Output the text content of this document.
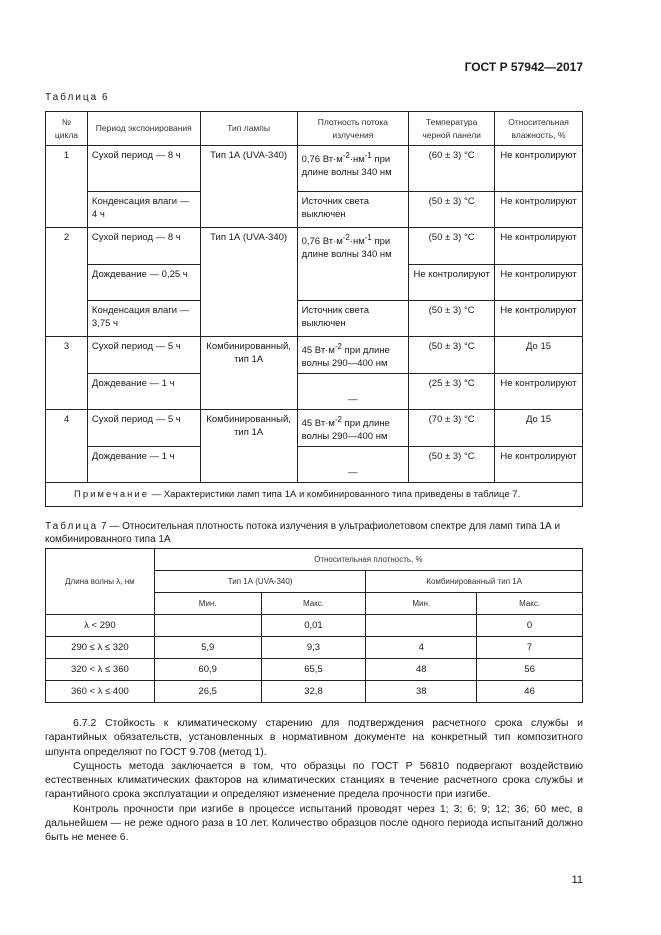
ГОСТ Р 57942—2017
Таблица 6
№ цикла	Период экспонирования	Тип лампы	Плотность потока излучения	Температура черной панели	Относительная влажность, %
1	Сухой период — 8 ч	Тип 1А (UVA-340)	0,76 $Вт\cdot м^{-2}\cdot нм^{-1}$ при длине волны 340 нм	(60 ± 3) °С	Не контролируют
	Конденсация влаги — 4 ч		Источник света выключен	(50 ± 3) °С	Не контролируют
2	Сухой период — 8 ч	Тип 1А (UVA-340)	0,76 $Вт\cdot м^{-2}\cdot нм^{-1}$ при длине волны 340 нм	(50 ± 3) °С	Не контролируют
	Дождевание — 0,25 ч			Не контролируют	Не контролируют
	Конденсация влаги — 3,75 ч		Источник света выключен	(50 ± 3) °С	Не контролируют
3	Сухой период — 5 ч	Комбинированный, тип 1А	45 $Вт\cdot м^{-2}$ при длине волны 290—400 нм	(50 ± 3) °С	До 15
	Дождевание — 1 ч		—	(25 ± 3) °С	Не контролируют
4	Сухой период — 5 ч	Комбинированный, тип 1А	45 $Вт\cdot м^{-2}$ при длине волны 290—400 нм	(70 ± 3) °С	До 15
	Дождевание — 1 ч		—	(50 ± 3) °С	Не контролируют
Примечание — Характеристики ламп типа 1А и комбинированного типа приведены в таблице 7.					
Таблица 7 — Относительная плотность потока излучения в ультрафиолетовом спектре для ламп типа 1А и комбинированного типа 1А
Длина волны λ, нм	Относительная плотность, %			
	Тип 1А (UVA-340)		Комбинированный тип 1А	
	Мин.	Макс.	Мин.	Макс.
λ < 290		0,01		0
290 ≤ λ ≤ 320	5,9	9,3	4	7
320 < λ ≤ 360	60,9	65,5	48	56
360 < λ ≤ 400	26,5	32,8	38	46

6.7.2 Стойкость к климатическому старению для подтверждения расчетного срока службы и гарантийных обязательств, установленных в нормативном документе на конкретный тип композитного шпунта определяют по ГОСТ 9.708 (метод 1).

Сущность метода заключается в том, что образцы по ГОСТ Р 56810 подвергают воздействию естественных климатических факторов на климатических станциях в течение расчетного срока службы и гарантийного срока эксплуатации и определяют изменение предела прочности при изгибе.

Контроль прочности при изгибе в процессе испытаний проводят через 1; 3; 6; 9; 12; 36; 60 мес, в дальнейшем — не реже одного раза в 10 лет. Количество образцов после одного периода испытаний должно быть не менее 6.

11
